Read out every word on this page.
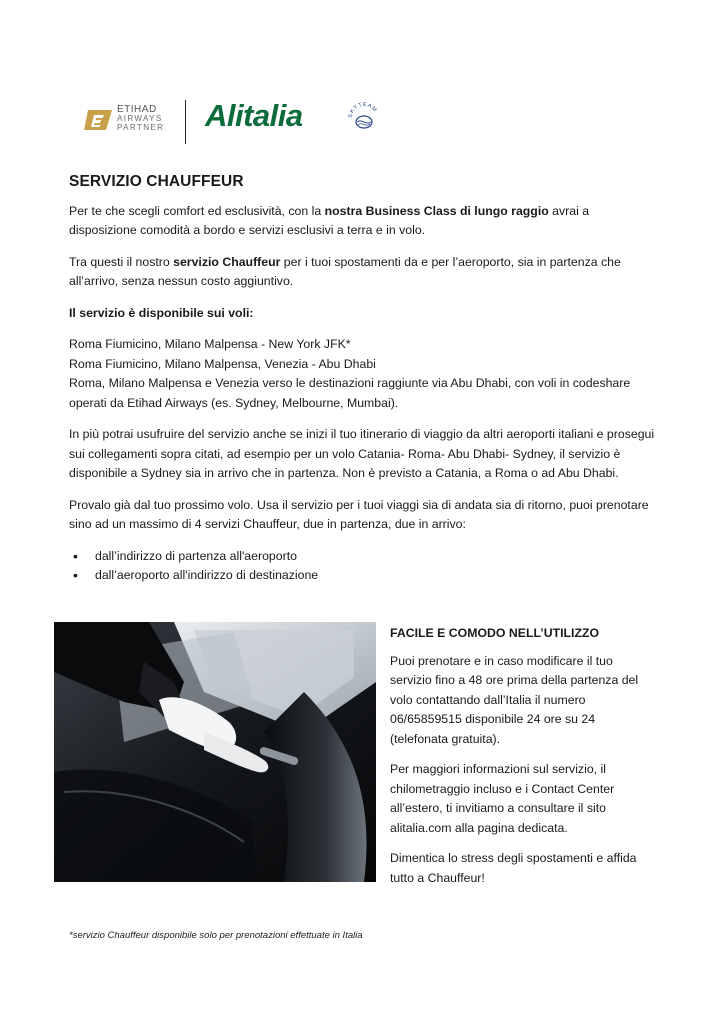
ETIHAD
AIRWAYS
PARTNER Alitalia	SKYTEAM
SERVIZIO CHAUFFEUR

Per te che scegli comfort ed esclusività, con la nostra Business Class di lungo raggio avrai a disposizione comodità a bordo e servizi esclusivi a terra e in volo.

Tra questi il nostro servizio Chauffeur per i tuoi spostamenti da e per l’aeroporto, sia in partenza che all’arrivo, senza nessun costo aggiuntivo.

Il servizio è disponibile sui voli:

Roma Fiumicino, Milano Malpensa - New York JFK*
Roma Fiumicino, Milano Malpensa, Venezia - Abu Dhabi
Roma, Milano Malpensa e Venezia verso le destinazioni raggiunte via Abu Dhabi, con voli in codeshare operati da Etihad Airways (es. Sydney, Melbourne, Mumbai).

In più potrai usufruire del servizio anche se inizi il tuo itinerario di viaggio da altri aeroporti italiani e prosegui sui collegamenti sopra citati, ad esempio per un volo Catania- Roma- Abu Dhabi- Sydney, il servizio è disponibile a Sydney sia in arrivo che in partenza. Non è previsto a Catania, a Roma o ad Abu Dhabi.

Provalo già dal tuo prossimo volo. Usa il servizio per i tuoi viaggi sia di andata sia di ritorno, puoi prenotare sino ad un massimo di 4 servizi Chauffeur, due in partenza, due in arrivo:

• dall’indirizzo di partenza all'aeroporto
• dall’aeroporto all'indirizzo di destinazione
FACILE E COMODO NELL’UTILIZZO

Puoi prenotare e in caso modificare il tuo servizio fino a 48 ore prima della partenza del volo contattando dall’Italia il numero 06/65859515 disponibile 24 ore su 24 (telefonata gratuita).

Per maggiori informazioni sul servizio, il chilometraggio incluso e i Contact Center all’estero, ti invitiamo a consultare il sito alitalia.com alla pagina dedicata.

Dimentica lo stress degli spostamenti e affida tutto a Chauffeur!

*servizio Chauffeur disponibile solo per prenotazioni effettuate in Italia
